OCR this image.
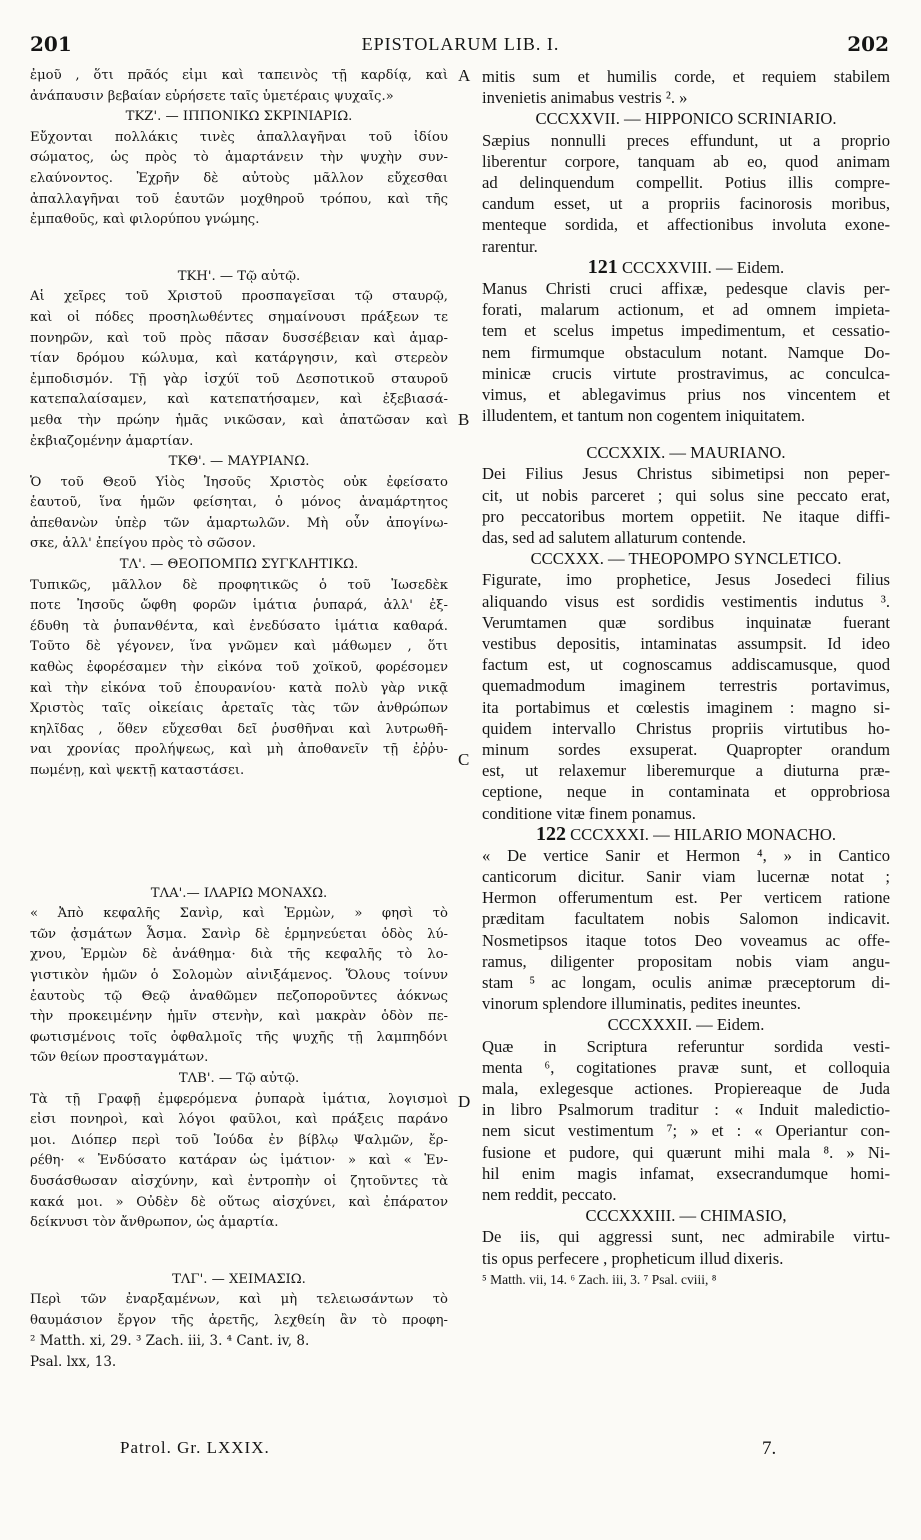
201	EPISTOLARUM LIB. I.	202
ἐμοῦ , ὅτι πρᾶός εἰμι καὶ ταπεινὸς τῇ καρδίᾳ, καὶ
ἀνάπαυσιν βεβαίαν εὑρήσετε ταῖς ὑμετέραις ψυχαῖς.»
ΤΚΖ'. — ΙΠΠΟΝΙΚΩ ΣΚΡΙΝΙΑΡΙΩ.
Εὔχονται πολλάκις τινὲς ἀπαλλαγῆναι τοῦ ἰδίου
σώματος, ὡς πρὸς τὸ ἁμαρτάνειν τὴν ψυχὴν συν-
ελαύνοντος. Ἐχρῆν δὲ αὐτοὺς μᾶλλον εὔχεσθαι
ἀπαλλαγῆναι τοῦ ἑαυτῶν μοχθηροῦ τρόπου, καὶ τῆς
ἐμπαθοῦς, καὶ φιλορύπου γνώμης.
ΤΚΗ'. — Τῷ αὐτῷ.
Αἱ χεῖρες τοῦ Χριστοῦ προσπαγεῖσαι τῷ σταυρῷ,
καὶ οἱ πόδες προσηλωθέντες σημαίνουσι πράξεων τε
πονηρῶν, καὶ τοῦ πρὸς πᾶσαν δυσσέβειαν καὶ ἁμαρ-
τίαν δρόμου κώλυμα, καὶ κατάργησιν, καὶ στερεὸν
ἐμποδισμόν. Τῇ γὰρ ἰσχύϊ τοῦ Δεσποτικοῦ σταυροῦ
κατεπαλαίσαμεν, καὶ κατεπατήσαμεν, καὶ ἐξεβιασά-
μεθα τὴν πρώην ἡμᾶς νικῶσαν, καὶ ἀπατῶσαν καὶ
ἐκβιαζομένην ἁμαρτίαν.
ΤΚΘ'. — ΜΑΥΡΙΑΝΩ.
Ὁ τοῦ Θεοῦ Υἱὸς Ἰησοῦς Χριστὸς οὐκ ἐφείσατο
ἑαυτοῦ, ἵνα ἡμῶν φείσηται, ὁ μόνος ἀναμάρτητος
ἀπεθανὼν ὑπὲρ τῶν ἁμαρτωλῶν. Μὴ οὖν ἀπογίνω-
σκε, ἀλλ' ἐπείγου πρὸς τὸ σῶσον.
ΤΛ'. — ΘΕΟΠΟΜΠΩ ΣΥΓΚΛΗΤΙΚΩ.
Τυπικῶς, μᾶλλον δὲ προφητικῶς ὁ τοῦ Ἰωσεδὲκ
ποτε Ἰησοῦς ὤφθη φορῶν ἱμάτια ῥυπαρά, ἀλλ' ἐξ-
έδυθη τὰ ῥυπανθέντα, καὶ ἐνεδύσατο ἱμάτια καθαρά.
Τοῦτο δὲ γέγονεν, ἵνα γνῶμεν καὶ μάθωμεν , ὅτι
καθὼς ἐφορέσαμεν τὴν εἰκόνα τοῦ χοϊκοῦ, φορέσομεν
καὶ τὴν εἰκόνα τοῦ ἐπουρανίου· κατὰ πολὺ γὰρ νικᾷ
Χριστὸς ταῖς οἰκείαις ἀρεταῖς τὰς τῶν ἀνθρώπων
κηλῖδας , ὅθεν εὔχεσθαι δεῖ ῥυσθῆναι καὶ λυτρωθῆ-
ναι χρονίας προλήψεως, καὶ μὴ ἀποθανεῖν τῇ ἐῤῥυ-
πωμένῃ, καὶ ψεκτῇ καταστάσει.
ΤΛΑ'.— ΙΛΑΡΙΩ ΜΟΝΑΧΩ.
« Ἀπὸ κεφαλῆς Σανὶρ, καὶ Ἑρμὼν, » φησὶ τὸ
τῶν ᾀσμάτων Ἆσμα. Σανὶρ δὲ ἑρμηνεύεται ὁδὸς λύ-
χνου, Ἑρμὼν δὲ ἀνάθημα· διὰ τῆς κεφαλῆς τὸ λο-
γιστικὸν ἡμῶν ὁ Σολομὼν αἰνιξάμενος. Ὅλους τοίνυν
ἑαυτοὺς τῷ Θεῷ ἀναθῶμεν πεζοποροῦντες ἀόκνως
τὴν προκειμένην ἡμῖν στενὴν, καὶ μακρὰν ὁδὸν πε-
φωτισμένοις τοῖς ὀφθαλμοῖς τῆς ψυχῆς τῇ λαμπηδόνι
τῶν θείων προσταγμάτων.
ΤΛΒ'. — Τῷ αὐτῷ.
Τὰ τῇ Γραφῇ ἐμφερόμενα ῥυπαρὰ ἱμάτια, λογισμοὶ
εἰσι πονηροὶ, καὶ λόγοι φαῦλοι, καὶ πράξεις παράνο
μοι. Διόπερ περὶ τοῦ Ἰούδα ἐν βίβλῳ Ψαλμῶν, ἔρ-
ρέθη· « Ἐνδύσατο κατάραν ὡς ἱμάτιον· » καὶ « Ἐν-
δυσάσθωσαν αἰσχύνην, καὶ ἐντροπὴν οἱ ζητοῦντες τὰ
κακά μοι. » Οὐδὲν δὲ οὕτως αἰσχύνει, καὶ ἐπάρατον
δείκνυσι τὸν ἄνθρωπον, ὡς ἁμαρτία.
ΤΛΓ'. — ΧΕΙΜΑΣΙΩ.
Περὶ τῶν ἐναρξαμένων, καὶ μὴ τελειωσάντων τὸ
θαυμάσιον ἔργον τῆς ἀρετῆς, λεχθείη ἂν τὸ προφη-
² Matth. xi, 29. ³ Zach. iii, 3. ⁴ Cant. iv, 8.
Psal. lxx, 13.
mitis sum et humilis corde, et requiem stabilem
invenietis animabus vestris ². »
CCCXXVII. — HIPPONICO SCRINIARIO.
Sæpius nonnulli preces effundunt, ut a proprio
liberentur corpore, tanquam ab eo, quod animam
ad delinquendum compellit. Potius illis compre-
candum esset, ut a propriis facinorosis moribus,
menteque sordida, et affectionibus involuta exone-
rarentur.
121 CCCXXVIII. — Eidem.
Manus Christi cruci affixæ, pedesque clavis per-
forati, malarum actionum, et ad omnem impieta-
tem et scelus impetus impedimentum, et cessatio-
nem firmumque obstaculum notant. Namque Do-
minicæ crucis virtute prostravimus, ac conculca-
vimus, et ablegavimus prius nos vincentem et
illudentem, et tantum non cogentem iniquitatem.
CCCXXIX. — MAURIANO.
Dei Filius Jesus Christus sibimetipsi non peper-
cit, ut nobis parceret ; qui solus sine peccato erat,
pro peccatoribus mortem oppetiit. Ne itaque diffi-
das, sed ad salutem allaturum contende.
CCCXXX. — THEOPOMPO SYNCLETICO.
Figurate, imo prophetice, Jesus Josedeci filius
aliquando visus est sordidis vestimentis indutus ³.
Verumtamen quæ sordibus inquinatæ fuerant
vestibus depositis, intaminatas assumpsit. Id ideo
factum est, ut cognoscamus addiscamusque, quod
quemadmodum imaginem terrestris portavimus,
ita portabimus et cœlestis imaginem : magno si-
quidem intervallo Christus propriis virtutibus ho-
minum sordes exsuperat. Quapropter orandum
est, ut relaxemur liberemurque a diuturna præ-
ceptione, neque in contaminata et opprobriosa
conditione vitæ finem ponamus.
122 CCCXXXI. — HILARIO MONACHO.
« De vertice Sanir et Hermon ⁴, » in Cantico
canticorum dicitur. Sanir viam lucernæ notat ;
Hermon offerumentum est. Per verticem ratione
præditam facultatem nobis Salomon indicavit.
Nosmetipsos itaque totos Deo voveamus ac offe-
ramus, diligenter propositam nobis viam angu-
stam ⁵ ac longam, oculis animæ præceptorum di-
vinorum splendore illuminatis, pedites ineuntes.
CCCXXXII. — Eidem.
Quæ in Scriptura referuntur sordida vesti-
menta ⁶, cogitationes pravæ sunt, et colloquia
mala, exlegesque actiones. Propiereaque de Juda
in libro Psalmorum traditur : « Induit maledictio-
nem sicut vestimentum ⁷; » et : « Operiantur con-
fusione et pudore, qui quærunt mihi mala ⁸. » Ni-
hil enim magis infamat, exsecrandumque homi-
nem reddit, peccato.
CCCXXXIII. — CHIMASIO,
De iis, qui aggressi sunt, nec admirabile virtu-
tis opus perfecere , propheticum illud dixeris.
⁵ Matth. vii, 14. ⁶ Zach. iii, 3. ⁷ Psal. cviii, ⁸
A
B
C
D
Patrol. Gr. LXXIX.	7.
